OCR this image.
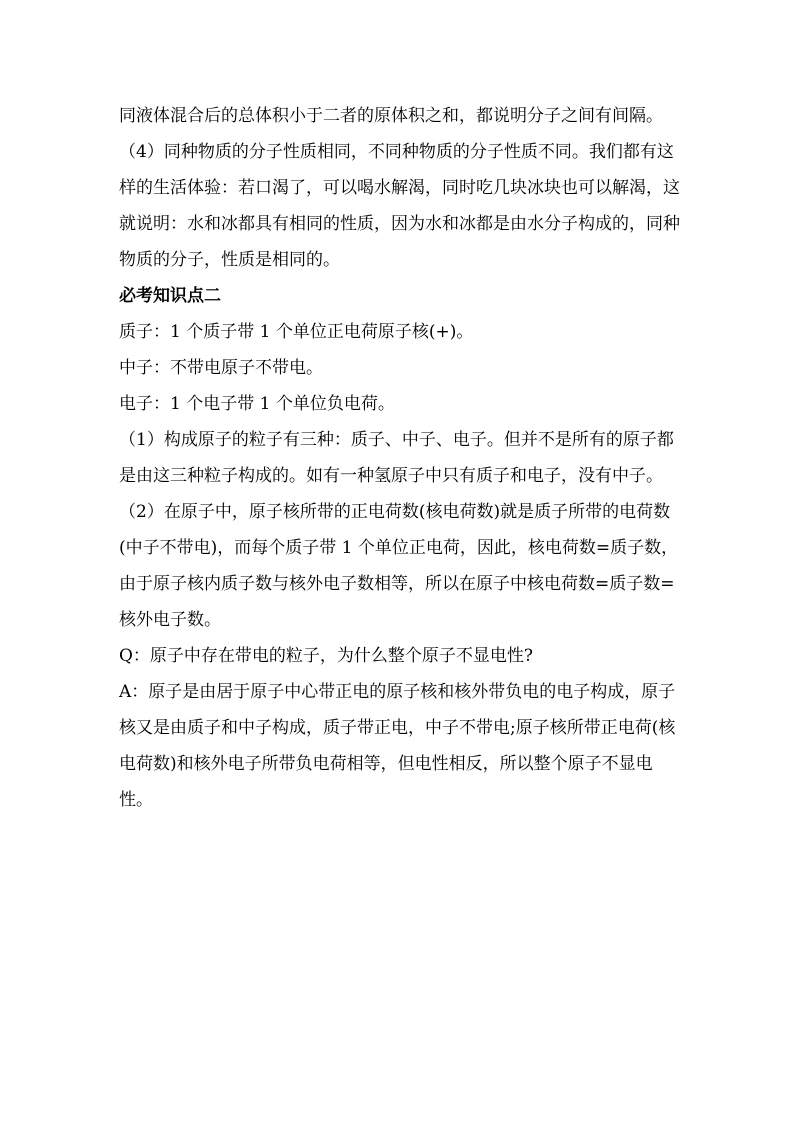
同液体混合后的总体积小于二者的原体积之和，都说明分子之间有间隔。

（4）同种物质的分子性质相同，不同种物质的分子性质不同。我们都有这样的生活体验：若口渴了，可以喝水解渴，同时吃几块冰块也可以解渴，这就说明：水和冰都具有相同的性质，因为水和冰都是由水分子构成的，同种物质的分子，性质是相同的。

必考知识点二

质子：1 个质子带 1 个单位正电荷原子核(+)。

中子：不带电原子不带电。

电子：1 个电子带 1 个单位负电荷。

（1）构成原子的粒子有三种：质子、中子、电子。但并不是所有的原子都是由这三种粒子构成的。如有一种氢原子中只有质子和电子，没有中子。

（2）在原子中，原子核所带的正电荷数(核电荷数)就是质子所带的电荷数(中子不带电)，而每个质子带 1 个单位正电荷，因此，核电荷数=质子数，由于原子核内质子数与核外电子数相等，所以在原子中核电荷数=质子数=核外电子数。

Q：原子中存在带电的粒子，为什么整个原子不显电性?

A：原子是由居于原子中心带正电的原子核和核外带负电的电子构成，原子核又是由质子和中子构成，质子带正电，中子不带电;原子核所带正电荷(核电荷数)和核外电子所带负电荷相等，但电性相反，所以整个原子不显电性。
